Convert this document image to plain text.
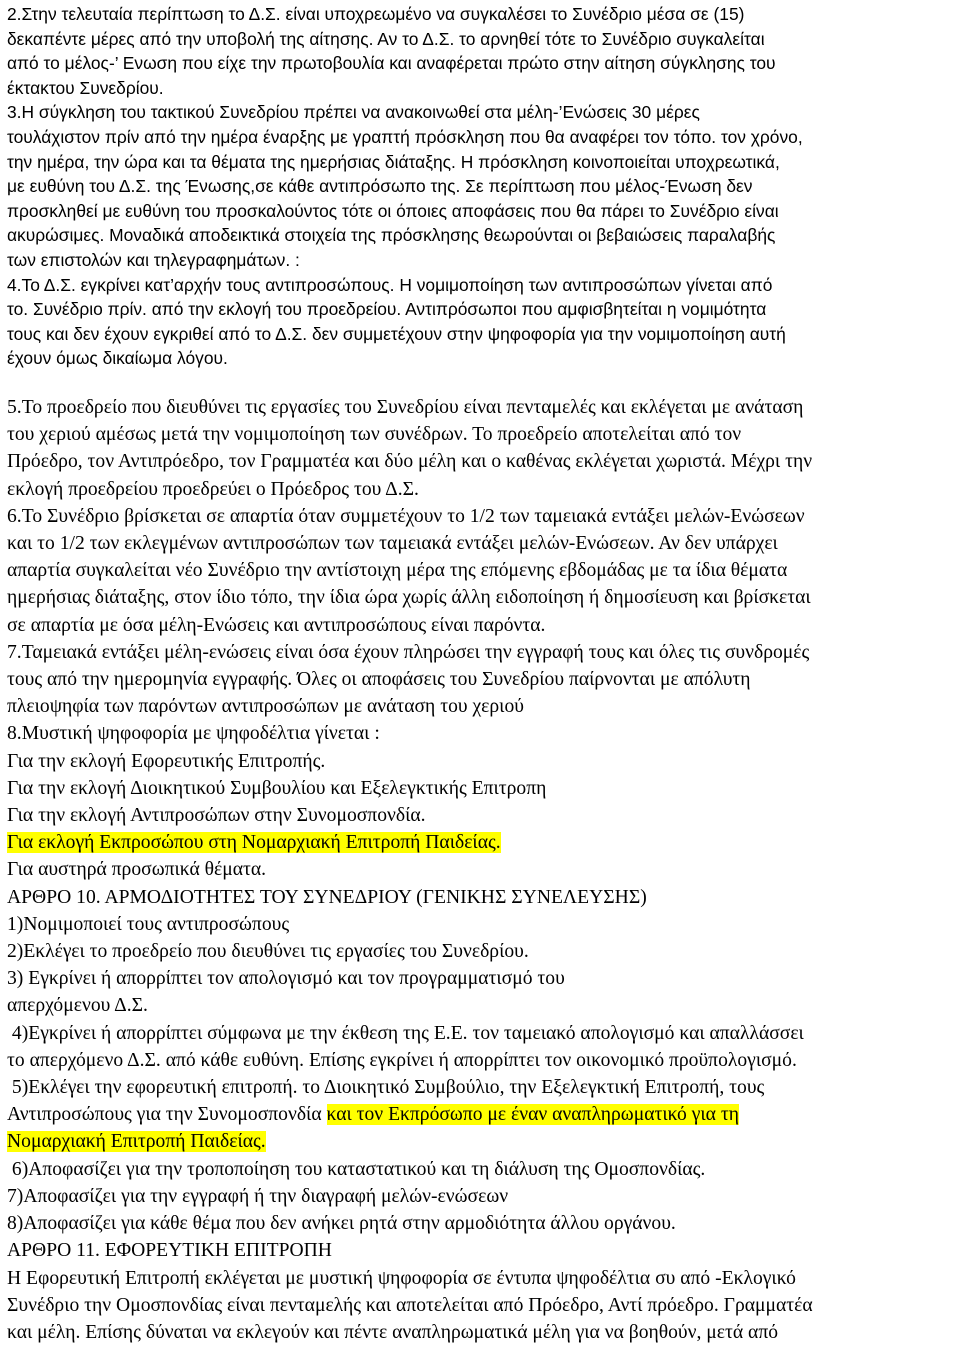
2.Στην τελευταία περίπτωση το Δ.Σ. είναι υποχρεωμένο να συγκαλέσει το Συνέδριο μέσα σε (15)
δεκαπέντε μέρες από την υποβολή της αίτησης. Αν το Δ.Σ. το αρνηθεί τότε το Συνέδριο συγκαλείται
από το μέλος-’ Ενωση που είχε την πρωτοβουλία και αναφέρεται πρώτο στην αίτηση σύγκλησης του
έκτακτου Συνεδρίου.
3.Η σύγκληση του τακτικού Συνεδρίου πρέπει να ανακοινωθεί στα μέλη-’Ενώσεις 30 μέρες
τουλάχιστον πρίν από την ημέρα έναρξης με γραπτή πρόσκληση που θα αναφέρει τον τόπο. τον χρόνο,
την ημέρα, την ώρα και τα θέματα της ημερήσιας διάταξης. Η πρόσκληση κοινοποιείται υποχρεωτικά,
με ευθύνη του Δ.Σ. της Ένωσης,σε κάθε αντιπρόσωπο της. Σε περίπτωση που μέλος-Ένωση δεν
προσκληθεί με ευθύνη του προσκαλούντος τότε οι όποιες αποφάσεις που θα πάρει το Συνέδριο είναι
ακυρώσιμες. Μοναδικά αποδεικτικά στοιχεία της πρόσκλησης θεωρούνται οι βεβαιώσεις παραλαβής
των επιστολών και τηλεγραφημάτων. :
4.Το Δ.Σ. εγκρίνει κατ’αρχήν τους αντιπροσώπους. Η νομιμοποίηση των αντιπροσώπων γίνεται από
το. Συνέδριο πρίν. από την εκλογή του προεδρείου. Αντιπρόσωποι που αμφισβητείται η νομιμότητα
τους και δεν έχουν εγκριθεί από το Δ.Σ. δεν συμμετέχουν στην ψηφοφορία για την νομιμοποίηση αυτή
έχουν όμως δικαίωμα λόγου.
5.Το προεδρείο που διευθύνει τις εργασίες του Συνεδρίου είναι πενταμελές και εκλέγεται με ανάταση
του χεριού αμέσως μετά την νομιμοποίηση των συνέδρων. Το προεδρείο αποτελείται από τον
Πρόεδρο, τον Αντιπρόεδρο, τον Γραμματέα και δύο μέλη και ο καθένας εκλέγεται χωριστά. Μέχρι την
εκλογή προεδρείου προεδρεύει ο Πρόεδρος του Δ.Σ.
6.Το Συνέδριο βρίσκεται σε απαρτία όταν συμμετέχουν το 1/2 των ταμειακά εντάξει μελών-Ενώσεων
και το 1/2 των εκλεγμένων αντιπροσώπων των ταμειακά εντάξει μελών-Ενώσεων. Αν δεν υπάρχει
απαρτία συγκαλείται νέο Συνέδριο την αντίστοιχη μέρα της επόμενης εβδομάδας με τα ίδια θέματα
ημερήσιας διάταξης, στον ίδιο τόπο, την ίδια ώρα χωρίς άλλη ειδοποίηση ή δημοσίευση και βρίσκεται
σε απαρτία με όσα μέλη-Ενώσεις και αντιπροσώπους είναι παρόντα.
7.Ταμειακά εντάξει μέλη-ενώσεις είναι όσα έχουν πληρώσει την εγγραφή τους και όλες τις συνδρομές
τους από την ημερομηνία εγγραφής. Όλες οι αποφάσεις του Συνεδρίου παίρνονται με απόλυτη
πλειοψηφία των παρόντων αντιπροσώπων με ανάταση του χεριού
8.Μυστική ψηφοφορία με ψηφοδέλτια γίνεται :
Για την εκλογή Εφορευτικής Επιτροπής.
Για την εκλογή Διοικητικού Συμβουλίου και Εξελεγκτικής Επιτροπη
Για την εκλογή Αντιπροσώπων στην Συνομοσπονδία.
Για εκλογή Εκπροσώπου στη Νομαρχιακή Επιτροπή Παιδείας.
Για αυστηρά προσωπικά θέματα.
ΑΡΘΡΟ 10. ΑΡΜΟΔΙΟΤΗΤΕΣ ΤΟΥ ΣΥΝΕΔΡΙΟΥ (ΓΕΝΙΚΗΣ ΣΥΝΕΛΕΥΣΗΣ)
1)Νομιμοποιεί τους αντιπροσώπους
2)Εκλέγει το προεδρείο που διευθύνει τις εργασίες του Συνεδρίου.
3) Εγκρίνει ή απορρίπτει τον απολογισμό και τον προγραμματισμό του
απερχόμενου Δ.Σ.
4)Εγκρίνει ή απορρίπτει σύμφωνα με την έκθεση της Ε.Ε. τον ταμειακό απολογισμό και απαλλάσσει
το απερχόμενο Δ.Σ. από κάθε ευθύνη. Επίσης εγκρίνει ή απορρίπτει τον οικονομικό προϋπολογισμό.
5)Εκλέγει την εφορευτική επιτροπή. το Διοικητικό Συμβούλιο, την Εξελεγκτική Επιτροπή, τους
Αντιπροσώπους για την Συνομοσπονδία και τον Εκπρόσωπο με έναν αναπληρωματικό για τη
Νομαρχιακή Επιτροπή Παιδείας.
6)Αποφασίζει για την τροποποίηση του καταστατικού και τη διάλυση της Ομοσπονδίας.
7)Αποφασίζει για την εγγραφή ή την διαγραφή μελών-ενώσεων
8)Αποφασίζει για κάθε θέμα που δεν ανήκει ρητά στην αρμοδιότητα άλλου οργάνου.
ΑΡΘΡΟ 11. ΕΦΟΡΕΥΤΙΚΗ ΕΠΙΤΡΟΠΗ
Η Εφορευτική Επιτροπή εκλέγεται με μυστική ψηφοφορία σε έντυπα ψηφοδέλτια συ από -Εκλογικό
Συνέδριο την Ομοσπονδίας είναι πενταμελής και αποτελείται από Πρόεδρο, Αντί πρόεδρο. Γραμματέα
και μέλη. Επίσης δύναται να εκλεγούν και πέντε αναπληρωματικά μέλη για να βοηθούν, μετά από
